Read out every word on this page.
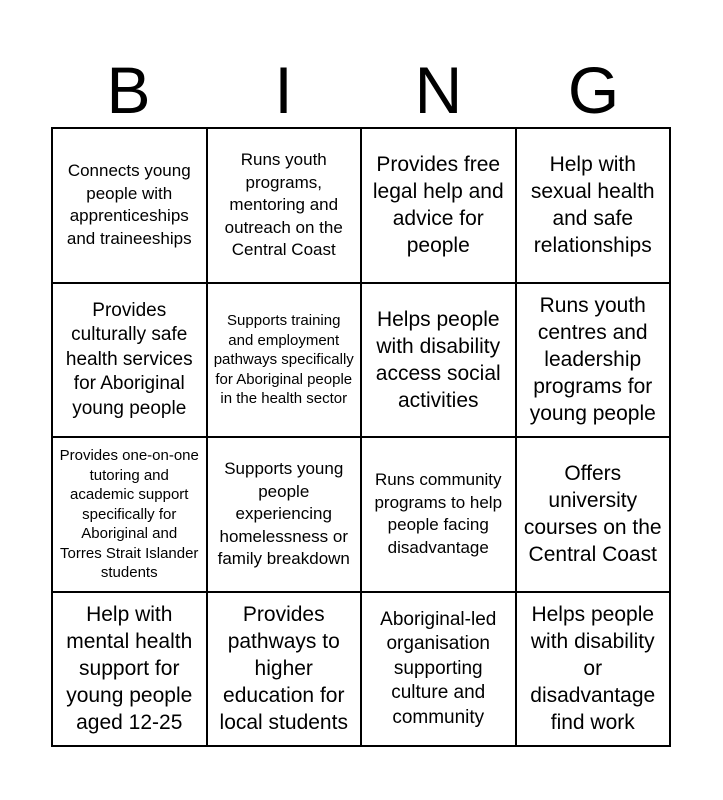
B	I	N	G
Connects young people with apprenticeships and traineeships
Runs youth programs, mentoring and outreach on the Central Coast
Provides free legal help and advice for people
Help with sexual health and safe relationships
Provides culturally safe health services for Aboriginal young people
Supports training and employment pathways specifically for Aboriginal people in the health sector
Helps people with disability access social activities
Runs youth centres and leadership programs for young people
Provides one-on-one tutoring and academic support specifically for Aboriginal and Torres Strait Islander students
Supports young people experiencing homelessness or family breakdown
Runs community programs to help people facing disadvantage
Offers university courses on the Central Coast
Help with mental health support for young people aged 12-25
Provides pathways to higher education for local students
Aboriginal-led organisation supporting culture and community
Helps people with disability or disadvantage find work
